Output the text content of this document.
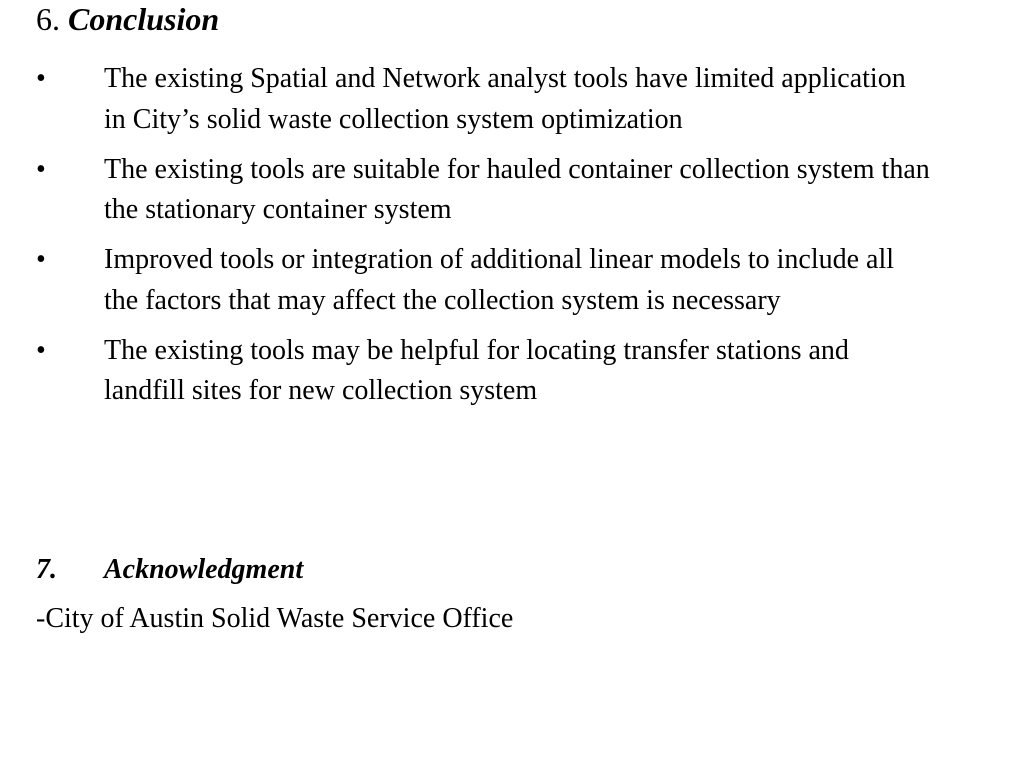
6. Conclusion
•	The existing Spatial and Network analyst tools have limited application in City’s solid waste collection system optimization
•	The existing tools are suitable for hauled container collection system than the stationary container system
•	Improved tools or integration of additional linear models to include all the factors that may affect the collection system is necessary
•	The existing tools may be helpful for locating transfer stations and landfill sites for new collection system
7. Acknowledgment
-City of Austin Solid Waste Service Office
